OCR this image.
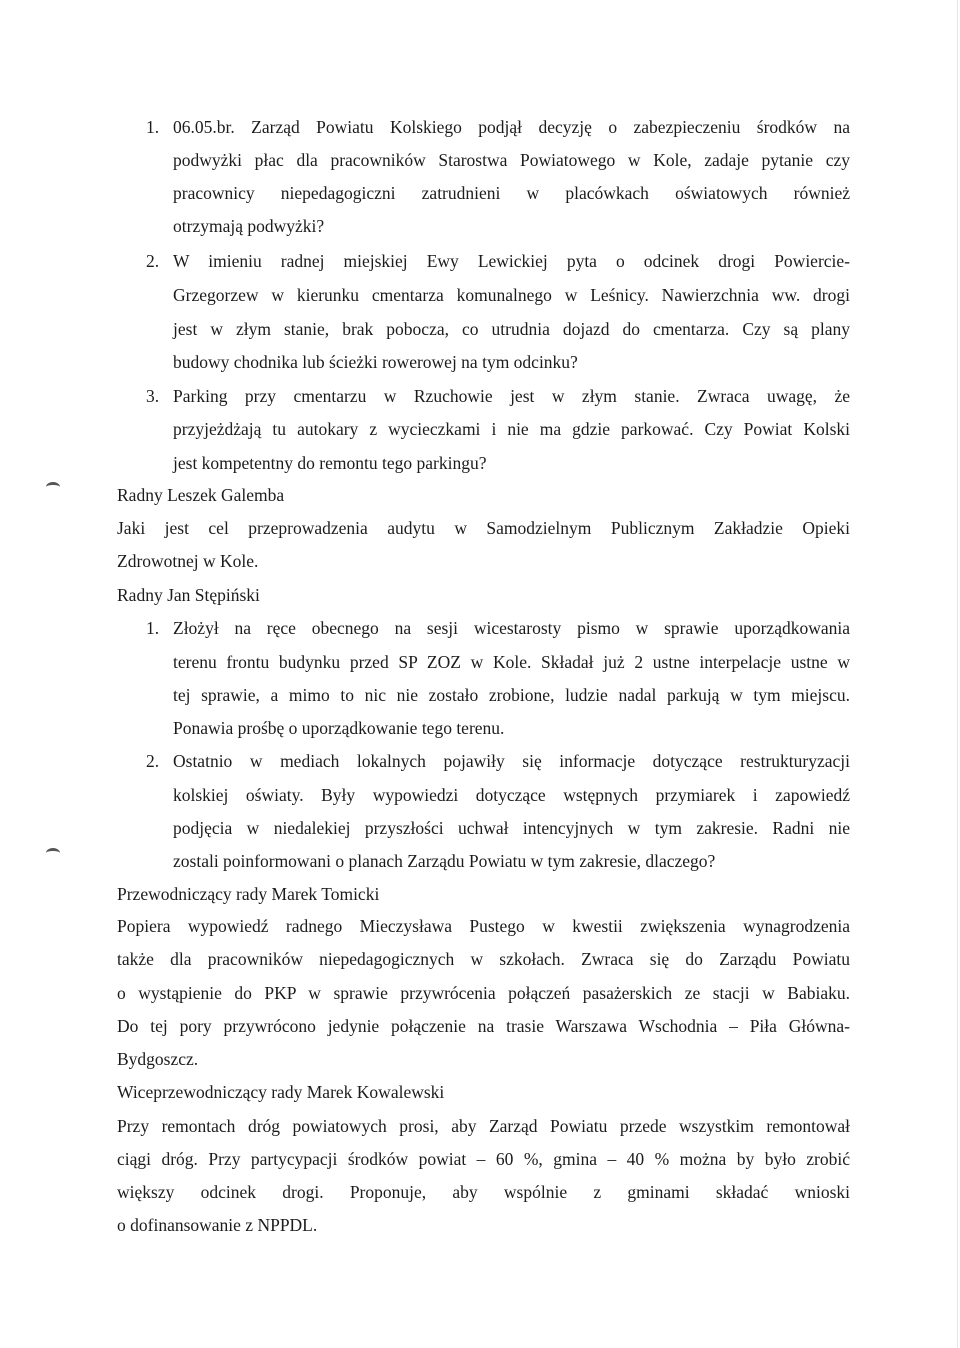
1. 06.05.br. Zarząd Powiatu Kolskiego podjął decyzję o zabezpieczeniu środków na
podwyżki płac dla pracowników Starostwa Powiatowego w Kole, zadaje pytanie czy
pracownicy niepedagogiczni zatrudnieni w placówkach oświatowych również
otrzymają podwyżki?
2. W imieniu radnej miejskiej Ewy Lewickiej pyta o odcinek drogi Powiercie-
Grzegorzew w kierunku cmentarza komunalnego w Leśnicy. Nawierzchnia ww. drogi
jest w złym stanie, brak pobocza, co utrudnia dojazd do cmentarza. Czy są plany
budowy chodnika lub ścieżki rowerowej na tym odcinku?
3. Parking przy cmentarzu w Rzuchowie jest w złym stanie. Zwraca uwagę, że
przyjeżdżają tu autokary z wycieczkami i nie ma gdzie parkować. Czy Powiat Kolski
jest kompetentny do remontu tego parkingu?
Radny Leszek Galemba
Jaki jest cel przeprowadzenia audytu w Samodzielnym Publicznym Zakładzie Opieki
Zdrowotnej w Kole.
Radny Jan Stępiński
1. Złożył na ręce obecnego na sesji wicestarosty pismo w sprawie uporządkowania
terenu frontu budynku przed SP ZOZ w Kole. Składał już 2 ustne interpelacje ustne w
tej sprawie, a mimo to nic nie zostało zrobione, ludzie nadal parkują w tym miejscu.
Ponawia prośbę o uporządkowanie tego terenu.
2. Ostatnio w mediach lokalnych pojawiły się informacje dotyczące restrukturyzacji
kolskiej oświaty. Były wypowiedzi dotyczące wstępnych przymiarek i zapowiedź
podjęcia w niedalekiej przyszłości uchwał intencyjnych w tym zakresie. Radni nie
zostali poinformowani o planach Zarządu Powiatu w tym zakresie, dlaczego?
Przewodniczący rady Marek Tomicki
Popiera wypowiedź radnego Mieczysława Pustego w kwestii zwiększenia wynagrodzenia
także dla pracowników niepedagogicznych w szkołach. Zwraca się do Zarządu Powiatu
o wystąpienie do PKP w sprawie przywrócenia połączeń pasażerskich ze stacji w Babiaku.
Do tej pory przywrócono jedynie połączenie na trasie Warszawa Wschodnia – Piła Główna-
Bydgoszcz.
Wiceprzewodniczący rady Marek Kowalewski
Przy remontach dróg powiatowych prosi, aby Zarząd Powiatu przede wszystkim remontował
ciągi dróg. Przy partycypacji środków powiat – 60 %, gmina – 40 % można by było zrobić
większy odcinek drogi. Proponuje, aby wspólnie z gminami składać wnioski
o dofinansowanie z NPPDL.
